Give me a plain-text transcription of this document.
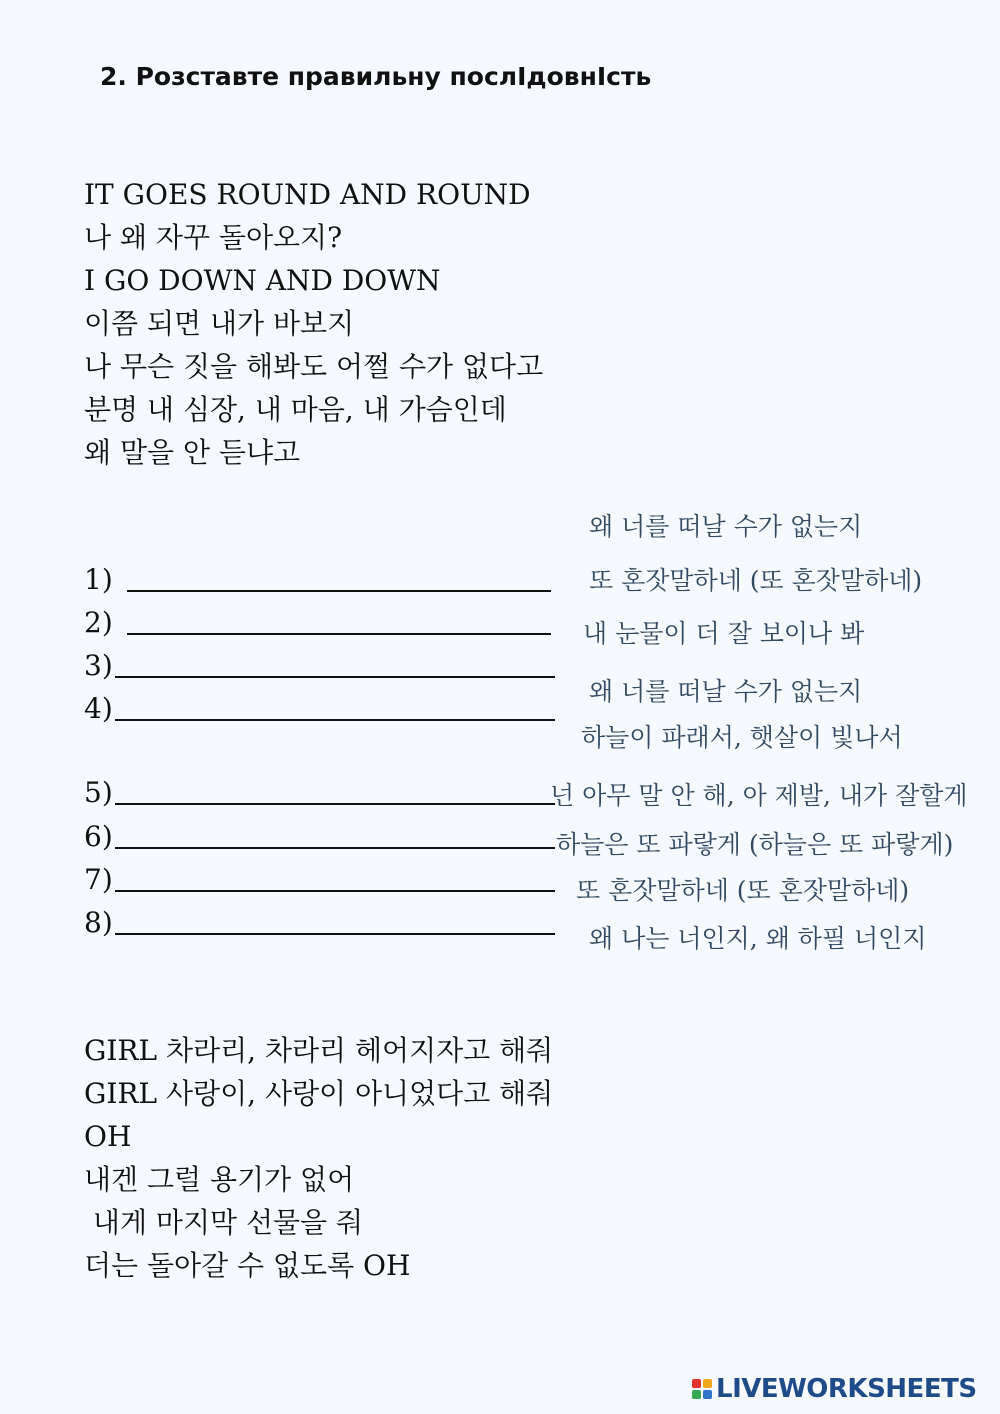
2. Розставте правильну послІдовнІсть
IT GOES ROUND AND ROUND
나 왜 자꾸 돌아오지?
I GO DOWN AND DOWN
이쯤 되면 내가 바보지
나 무슨 짓을 해봐도 어쩔 수가 없다고
분명 내 심장, 내 마음, 내 가슴인데
왜 말을 안 듣냐고
1)
2)
3)
4)
5)
6)
7)
8)
왜 너를 떠날 수가 없는지
또 혼잣말하네 (또 혼잣말하네)
내 눈물이 더 잘 보이나 봐
왜 너를 떠날 수가 없는지
하늘이 파래서, 햇살이 빛나서
넌 아무 말 안 해, 아 제발, 내가 잘할게
하늘은 또 파랗게 (하늘은 또 파랗게)
또 혼잣말하네 (또 혼잣말하네)
왜 나는 너인지, 왜 하필 너인지
GIRL 차라리, 차라리 헤어지자고 해줘
GIRL 사랑이, 사랑이 아니었다고 해줘
OH
내겐 그럴 용기가 없어
내게 마지막 선물을 줘
더는 돌아갈 수 없도록 OH
LIVEWORKSHEETS
